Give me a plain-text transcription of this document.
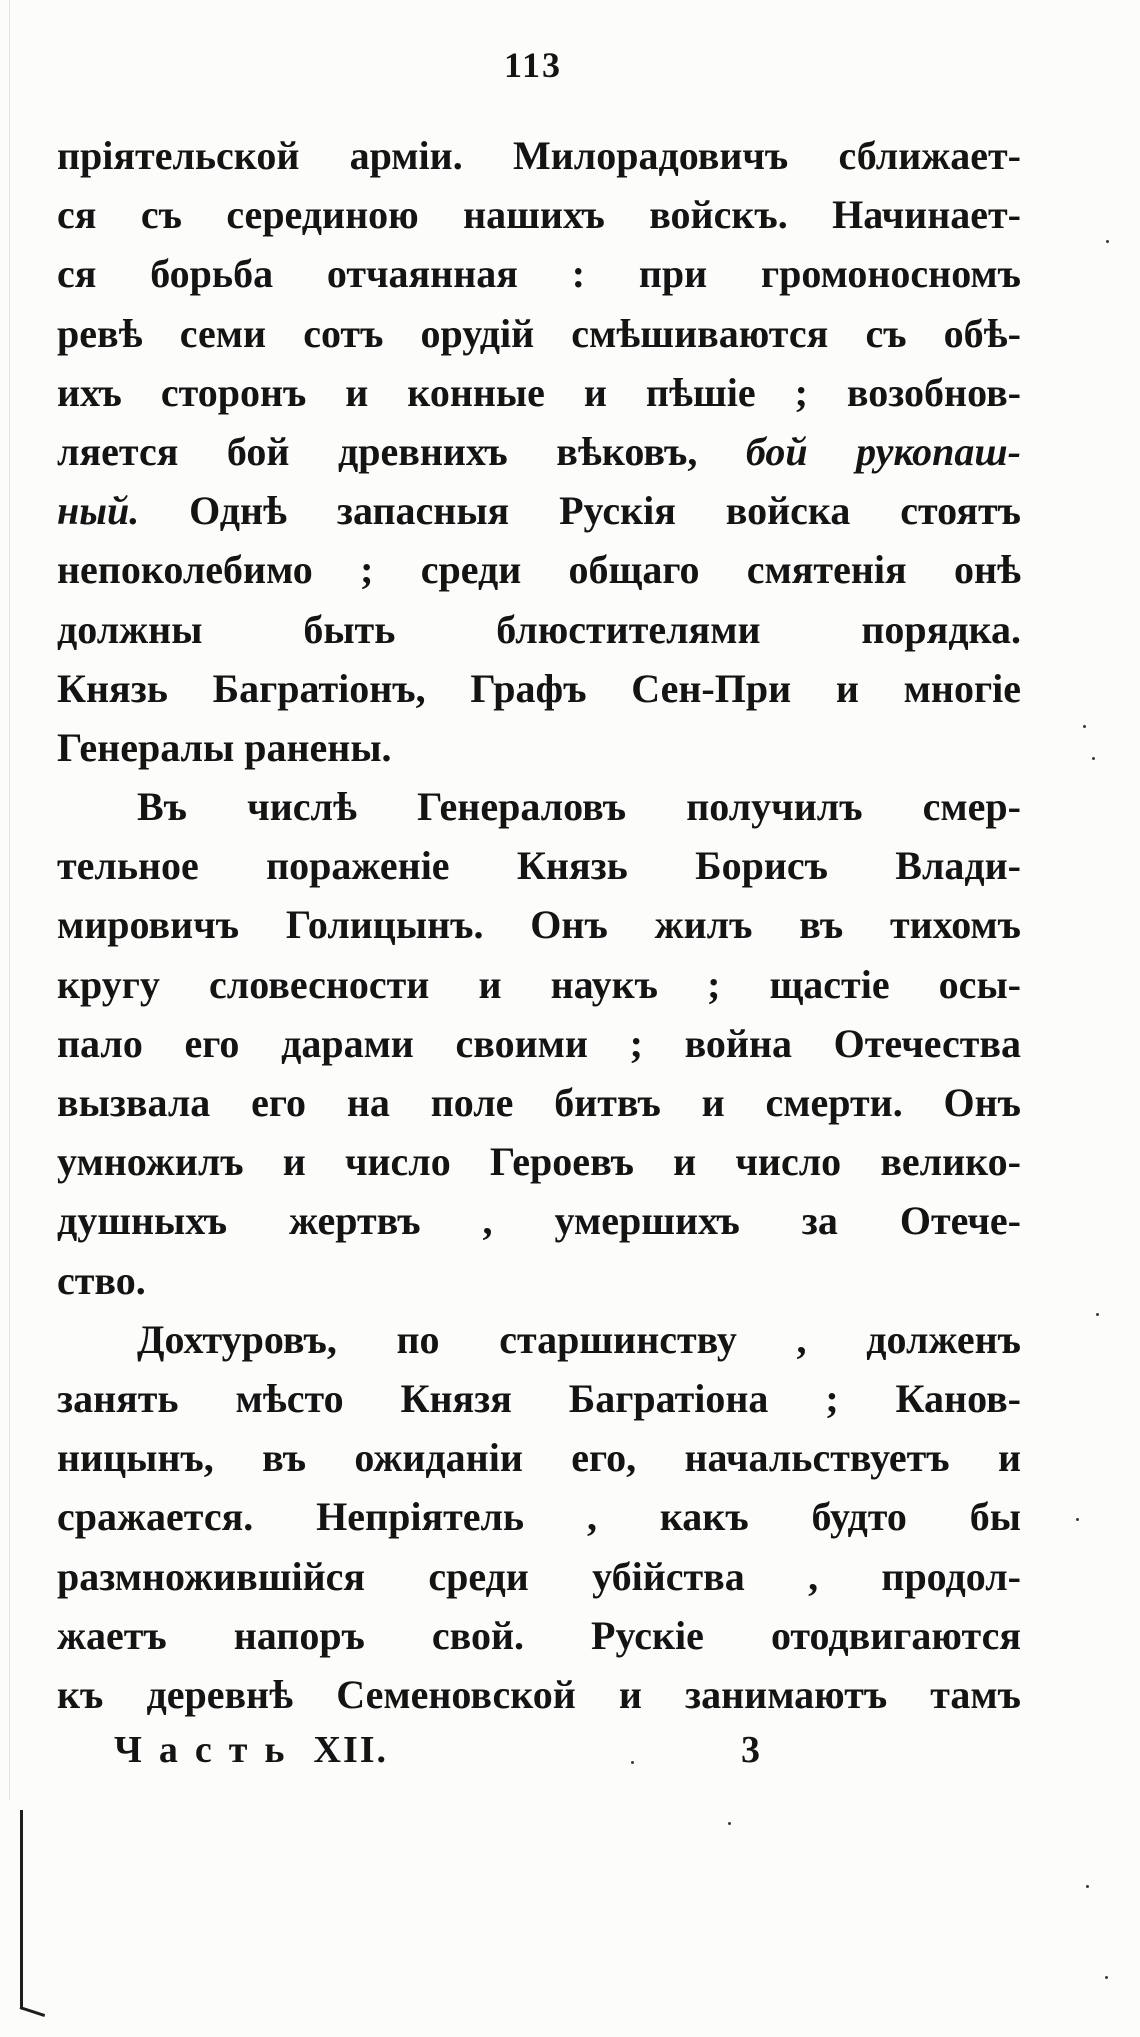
113
пріятельской арміи. Милорадовичъ сближает-
ся съ серединою нашихъ войскъ. Начинает-
ся борьба отчаянная : при громоносномъ
ревѣ семи сотъ орудій смѣшиваются съ обѣ-
ихъ сторонъ и конные и пѣшіе ; возобнов-
ляется бой древнихъ вѣковъ, бой рукопаш-
ный. Однѣ запасныя Рускія войска стоятъ
непоколебимо ; среди общаго смятенія онѣ
должны быть блюстителями порядка.
Князь Багратіонъ, Графъ Сен-При и многіе
Генералы ранены.
Въ числѣ Генераловъ получилъ смер-
тельное пораженіе Князь Борисъ Влади-
мировичъ Голицынъ. Онъ жилъ въ тихомъ
кругу словесности и наукъ ; щастіе осы-
пало его дарами своими ; война Отечества
вызвала его на поле битвъ и смерти. Онъ
умножилъ и число Героевъ и число велико-
душныхъ жертвъ , умершихъ за Отече-
ство.
Дохтуровъ, по старшинству , долженъ
занять мѣсто Князя Багратіона ; Канов-
ницынъ, въ ожиданіи его, начальствуетъ и
сражается. Непріятель , какъ будто бы
размножившійся среди убійства , продол-
жаетъ напоръ свой. Рускіе отодвигаются
къ деревнѣ Семеновской и занимаютъ тамъ
Часть XII.	3
